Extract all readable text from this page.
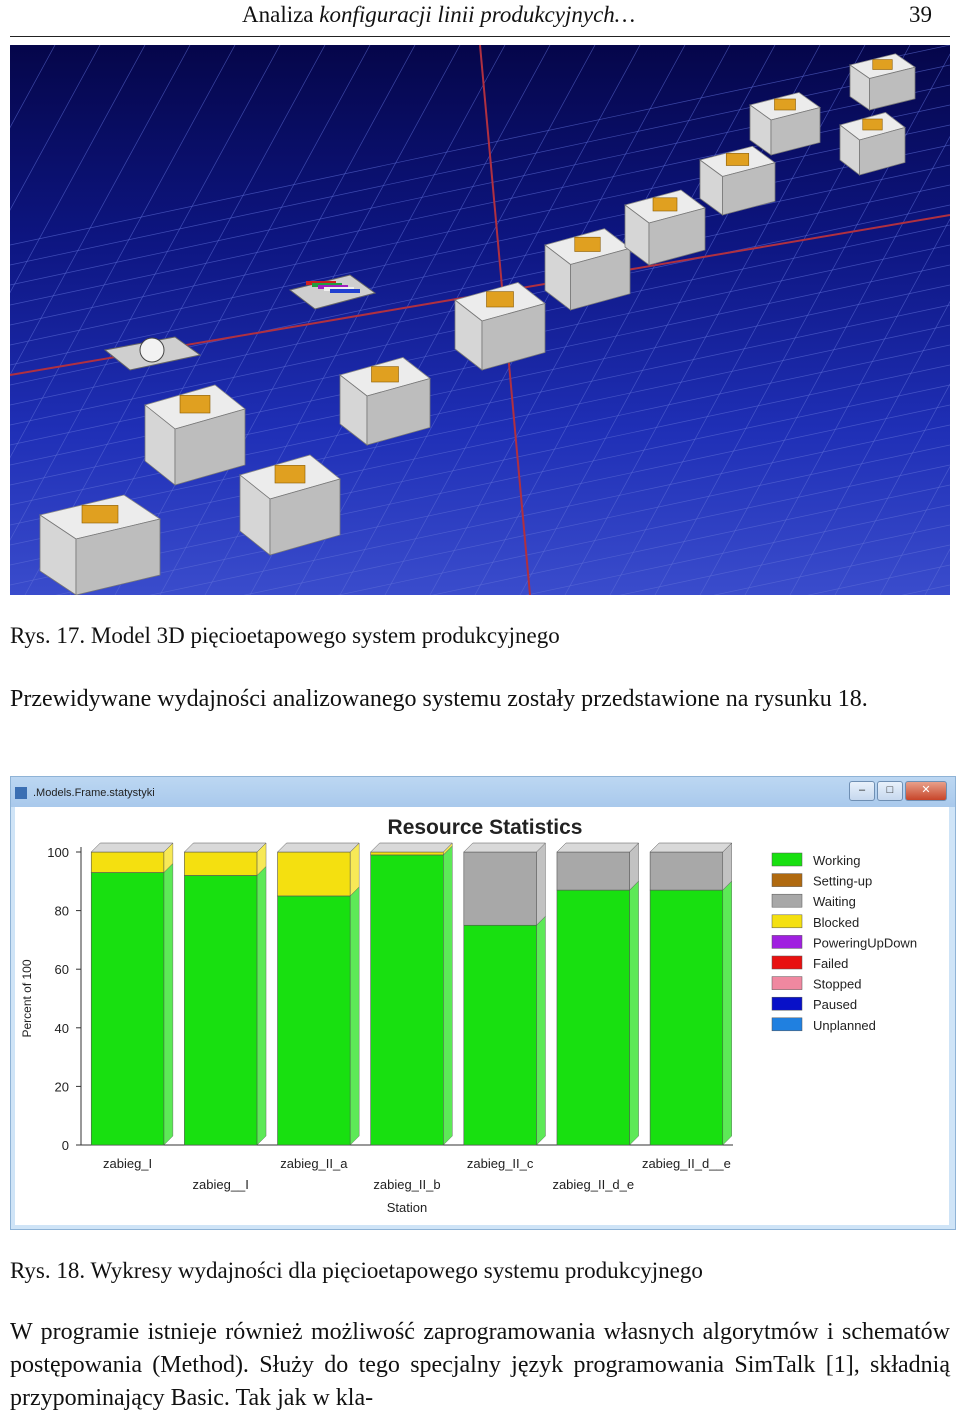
Analiza konfiguracji linii produkcyjnych…	39
Rys. 17. Model 3D pięcioetapowego system produkcyjnego
Przewidywane wydajności analizowanego systemu zostały przedstawione na rysunku 18.
.Models.Frame.statystyki	–	□	✕
Resource Statistics
0
20
40
60
80
100
Percent of 100
zabieg_I
zabieg__I
zabieg_II_a
zabieg_II_b
zabieg_II_c
zabieg_II_d_e
zabieg_II_d__e
Station
Working
Setting-up
Waiting
Blocked
PoweringUpDown
Failed
Stopped
Paused
Unplanned
Rys. 18. Wykresy wydajności dla pięcioetapowego systemu produkcyjnego
W programie istnieje również możliwość zaprogramowania własnych algorytmów i schematów postępowania (Method). Służy do tego specjalny język programowania SimTalk [1], składnią przypominający Basic. Tak jak w kla-
